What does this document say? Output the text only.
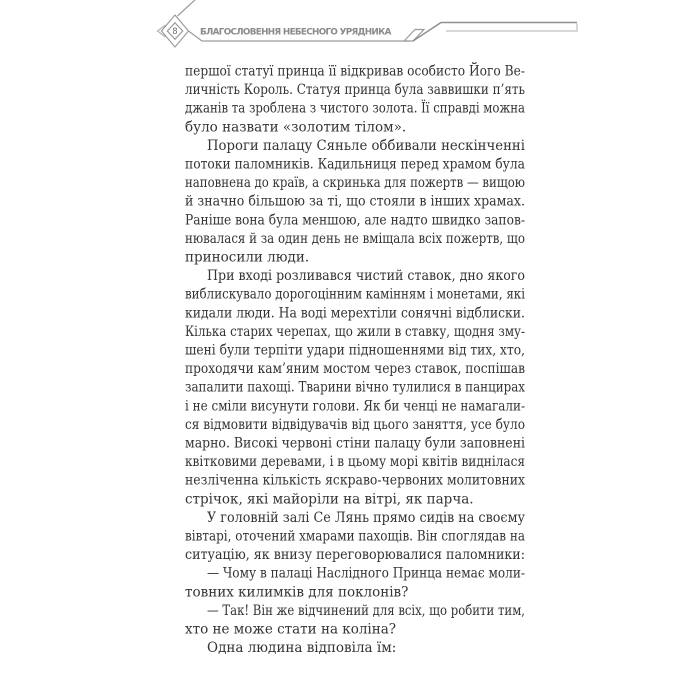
8	БЛАГОСЛОВЕННЯ НЕБЕСНОГО УРЯДНИКА
першої статуї принца її відкривав особисто Його Ве-
личність Король. Статуя принца була заввишки п’ять
джанів та зроблена з чистого золота. Її справді можна
було назвати «золотим тілом».
Пороги палацу Сяньле оббивали нескінченні
потоки паломників. Кадильниця перед храмом була
наповнена до країв, а скринька для пожертв — вищою
й значно більшою за ті, що стояли в інших храмах.
Раніше вона була меншою, але надто швидко запов-
нювалася й за один день не вміщала всіх пожертв, що
приносили люди.
При вході розливався чистий ставок, дно якого
виблискувало дорогоцінним камінням і монетами, які
кидали люди. На воді мерехтіли сонячні відблиски.
Кілька старих черепах, що жили в ставку, щодня зму-
шені були терпіти удари підношеннями від тих, хто,
проходячи кам’яним мостом через ставок, поспішав
запалити пахощі. Тварини вічно тулилися в панцирах
і не сміли висунути голови. Як би ченці не намагали-
ся відмовити відвідувачів від цього заняття, усе було
марно. Високі червоні стіни палацу були заповнені
квітковими деревами, і в цьому морі квітів виднілася
незліченна кількість яскраво-червоних молитовних
стрічок, які майоріли на вітрі, як парча.
У головній залі Се Лянь прямо сидів на своєму
вівтарі, оточений хмарами пахощів. Він споглядав на
ситуацію, як внизу переговорювалися паломники:
— Чому в палаці Наслідного Принца немає моли-
товних килимків для поклонів?
— Так! Він же відчинений для всіх, що робити тим,
хто не може стати на коліна?
Одна людина відповіла їм:
